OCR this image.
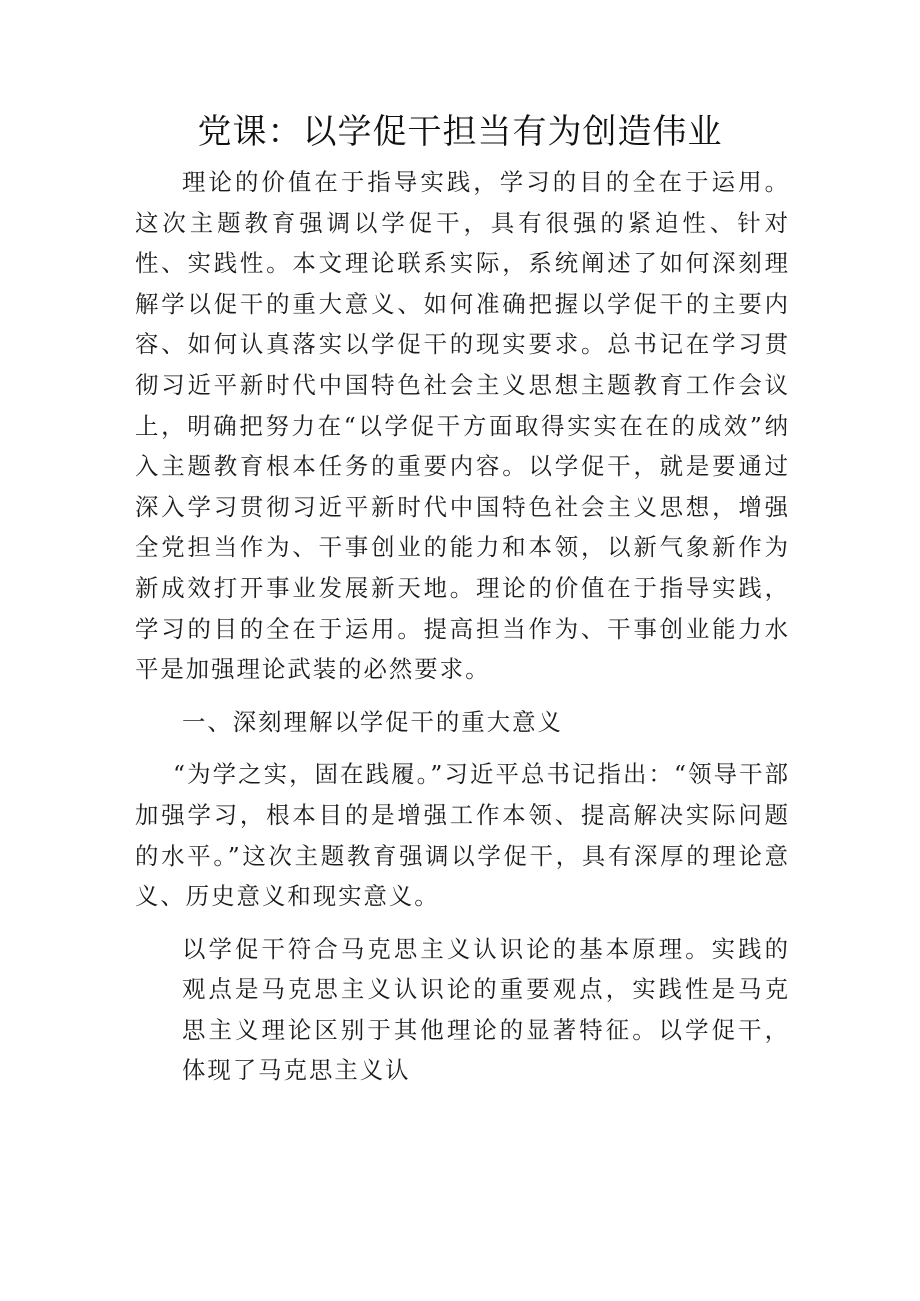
党课：以学促干担当有为创造伟业

理论的价值在于指导实践，学习的目的全在于运用。这次主题教育强调以学促干，具有很强的紧迫性、针对性、实践性。本文理论联系实际，系统阐述了如何深刻理解学以促干的重大意义、如何准确把握以学促干的主要内容、如何认真落实以学促干的现实要求。总书记在学习贯彻习近平新时代中国特色社会主义思想主题教育工作会议上，明确把努力在“以学促干方面取得实实在在的成效”纳入主题教育根本任务的重要内容。以学促干，就是要通过深入学习贯彻习近平新时代中国特色社会主义思想，增强全党担当作为、干事创业的能力和本领，以新气象新作为新成效打开事业发展新天地。理论的价值在于指导实践，学习的目的全在于运用。提高担当作为、干事创业能力水平是加强理论武装的必然要求。

一、深刻理解以学促干的重大意义

“为学之实，固在践履。”习近平总书记指出：“领导干部加强学习，根本目的是增强工作本领、提高解决实际问题的水平。”这次主题教育强调以学促干，具有深厚的理论意义、历史意义和现实意义。

以学促干符合马克思主义认识论的基本原理。实践的观点是马克思主义认识论的重要观点，实践性是马克思主义理论区别于其他理论的显著特征。以学促干，体现了马克思主义认
